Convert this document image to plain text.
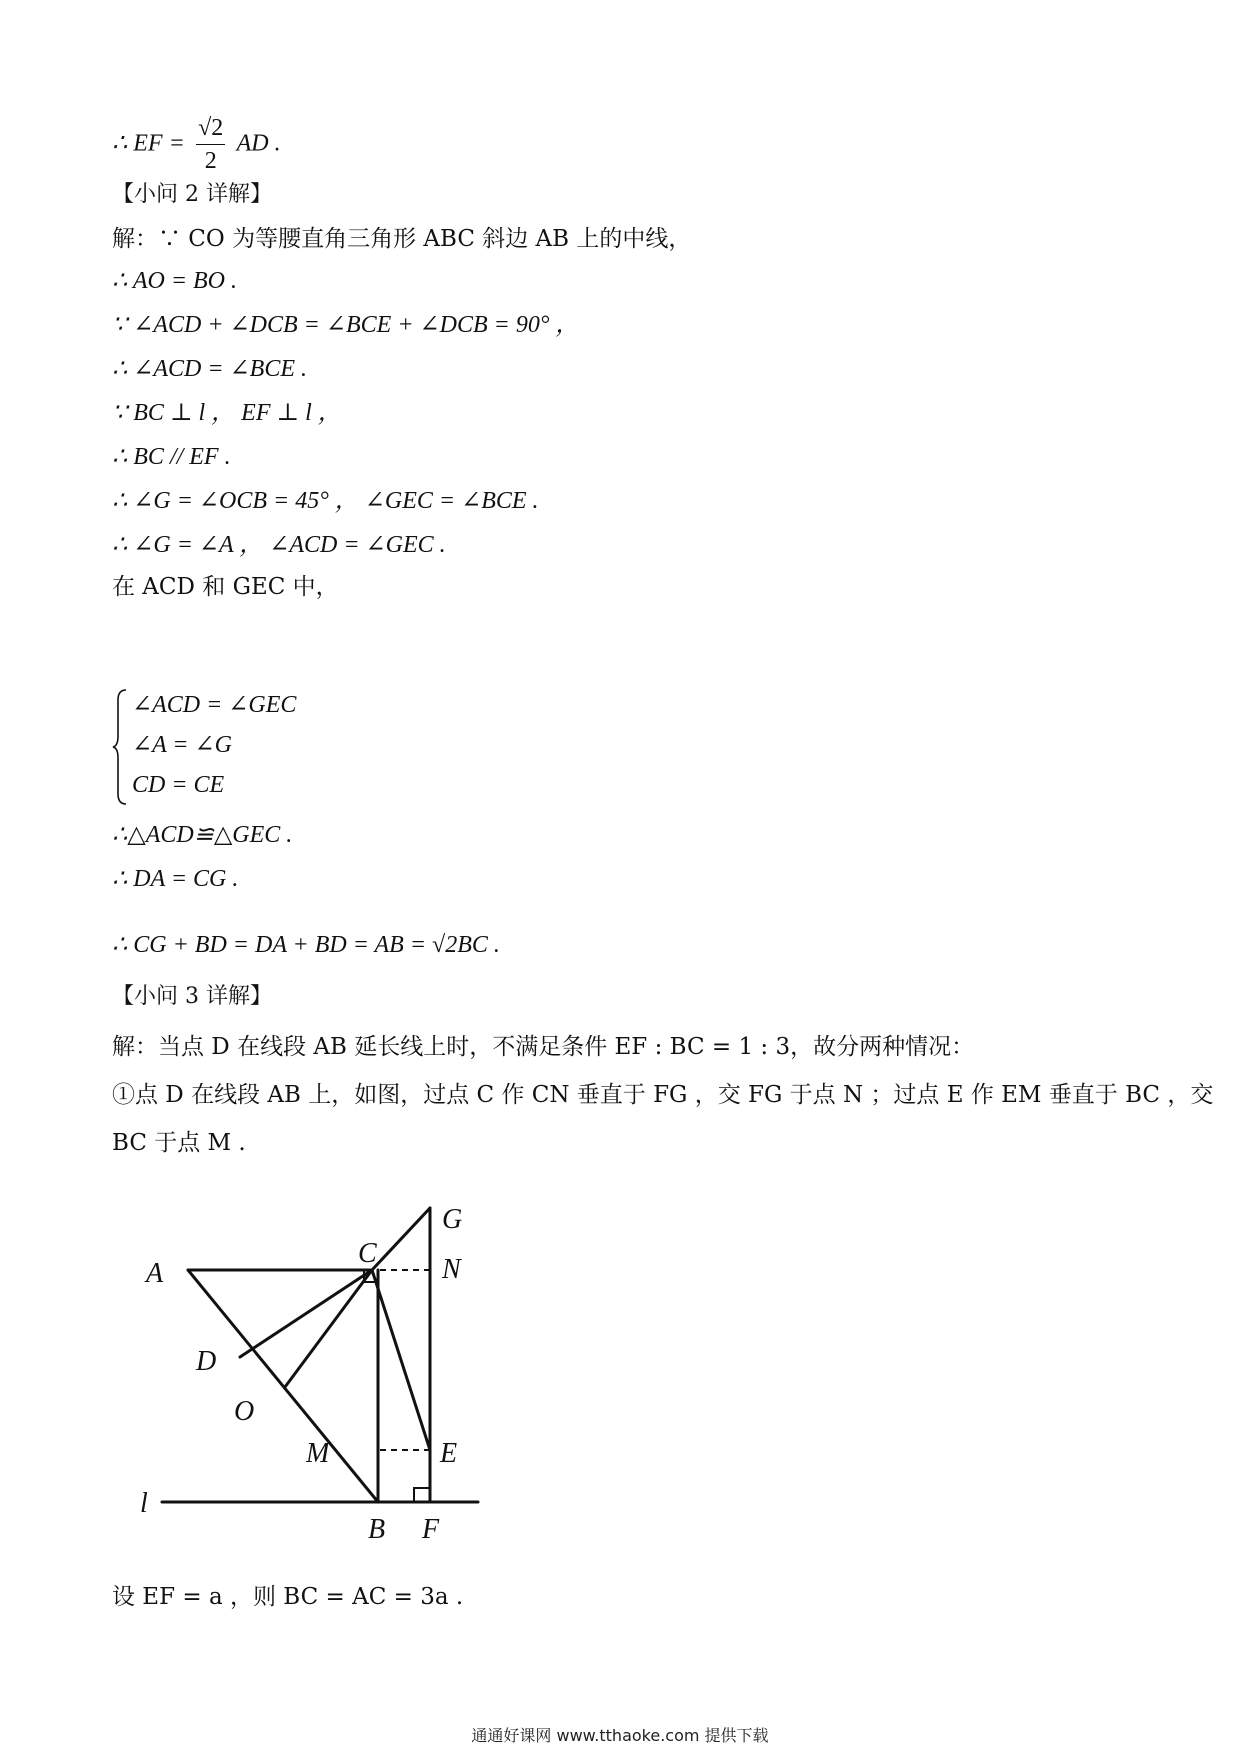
∴ EF = $\frac{√2}{2}$ AD .
【小问 2 详解】
解：∵ CO 为等腰直角三角形 ABC 斜边 AB 上的中线，
∴ AO = BO .
∵ ∠ACD + ∠DCB = ∠BCE + ∠DCB = 90° ，
∴ ∠ACD = ∠BCE .
∵ BC ⊥ l ， EF ⊥ l ，
∴ BC // EF .
∴ ∠G = ∠OCB = 45° ， ∠GEC = ∠BCE .
∴ ∠G = ∠A ， ∠ACD = ∠GEC .
在 ACD 和 GEC 中，
∠ACD = ∠GEC
∠A = ∠G
CD = CE
∴△ACD≌△GEC .
∴ DA = CG .
∴ CG + BD = DA + BD = AB = √2BC .
【小问 3 详解】
解：当点 D 在线段 AB 延长线上时，不满足条件 EF : BC = 1 : 3，故分两种情况：
①点 D 在线段 AB 上，如图，过点 C 作 CN 垂直于 FG ，交 FG 于点 N ；过点 E 作 EM 垂直于 BC ，交
BC 于点 M .
A
C
G
N
D
O
M	E
l
B F
设 EF = a ，则 BC = AC = 3a .
通通好课网 www.tthaoke.com 提供下载
